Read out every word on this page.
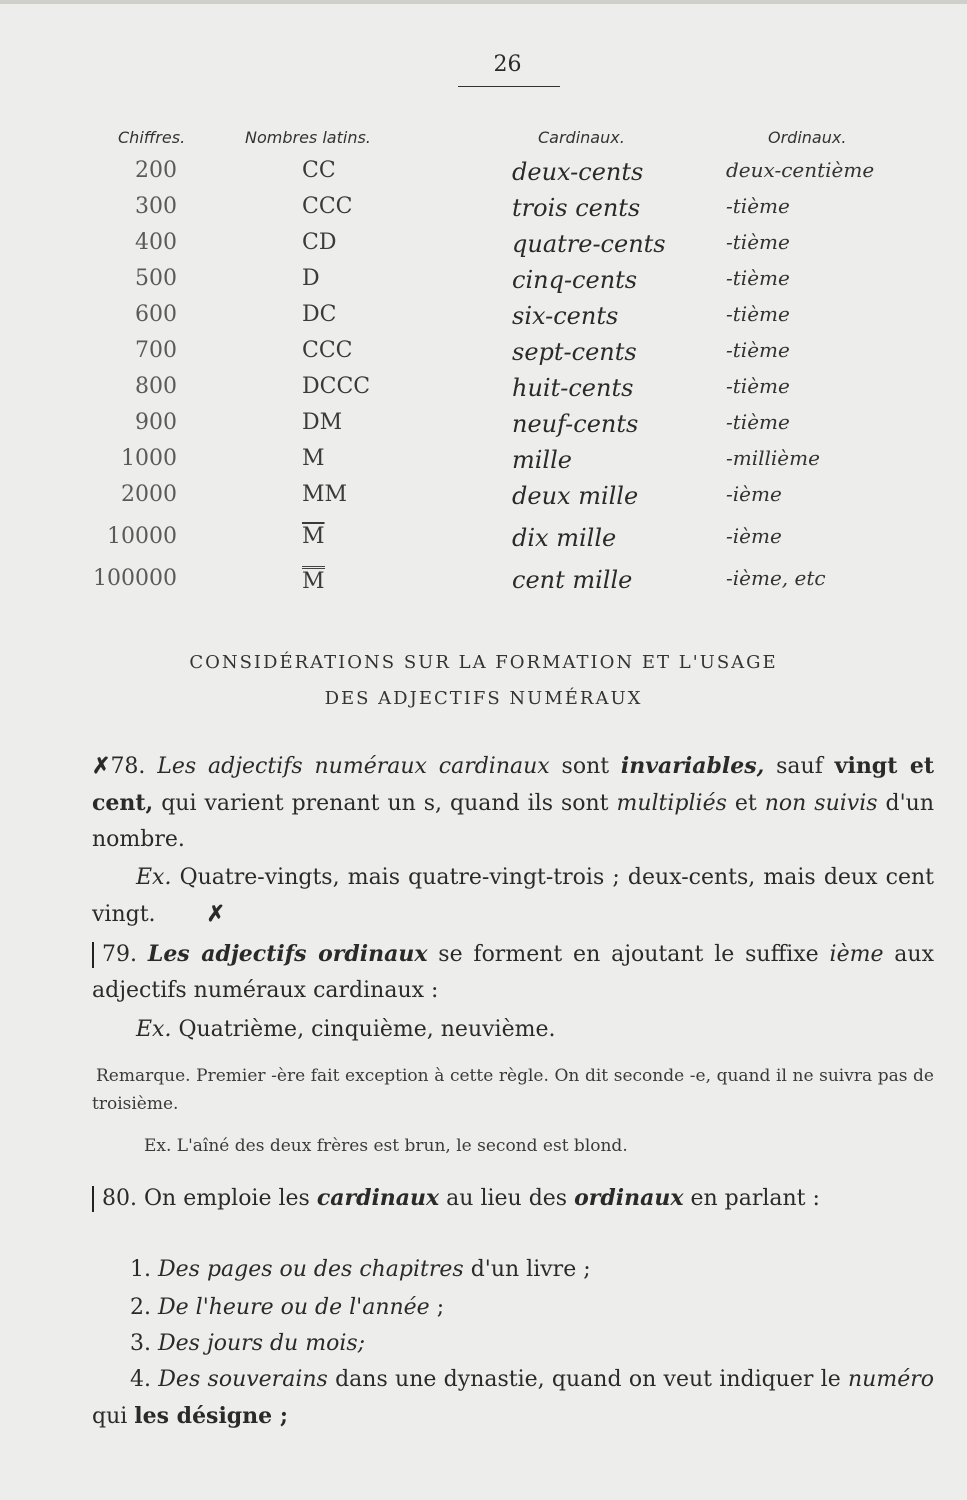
26
Chiffres.	Nombres latins.	Cardinaux.	Ordinaux.
200	CC	deux-cents	deux-centième
300	CCC	trois cents	-tième
400	CD	quatre-cents	-tième
500	D	cinq-cents	-tième
600	DC	six-cents	-tième
700	CCC	sept-cents	-tième
800	DCCC	huit-cents	-tième
900	DM	neuf-cents	-tième
1000	M	mille	-millième
2000	MM	deux mille	-ième
10000	$\overline{M}$	dix mille	-ième
100000	M	cent mille	-ième, etc
CONSIDÉRATIONS SUR LA FORMATION ET L'USAGE
DES ADJECTIFS NUMÉRAUX
✗78. Les adjectifs numéraux cardinaux sont invariables, sauf vingt et cent, qui varient prenant un s, quand ils sont multipliés et non suivis d'un nombre.
Ex. Quatre-vingts, mais quatre-vingt-trois ; deux-cents, mais deux cent vingt. ✗
79. Les adjectifs ordinaux se forment en ajoutant le suffixe ième aux adjectifs numéraux cardinaux :
Ex. Quatrième, cinquième, neuvième.
Remarque. Premier -ère fait exception à cette règle. On dit seconde -e, quand il ne suivra pas de troisième.
Ex. L'aîné des deux frères est brun, le second est blond.
80. On emploie les cardinaux au lieu des ordinaux en parlant :
1. Des pages ou des chapitres d'un livre ;
2. De l'heure ou de l'année ;
3. Des jours du mois;
4. Des souverains dans une dynastie, quand on veut indiquer le numéro qui les désigne ;
